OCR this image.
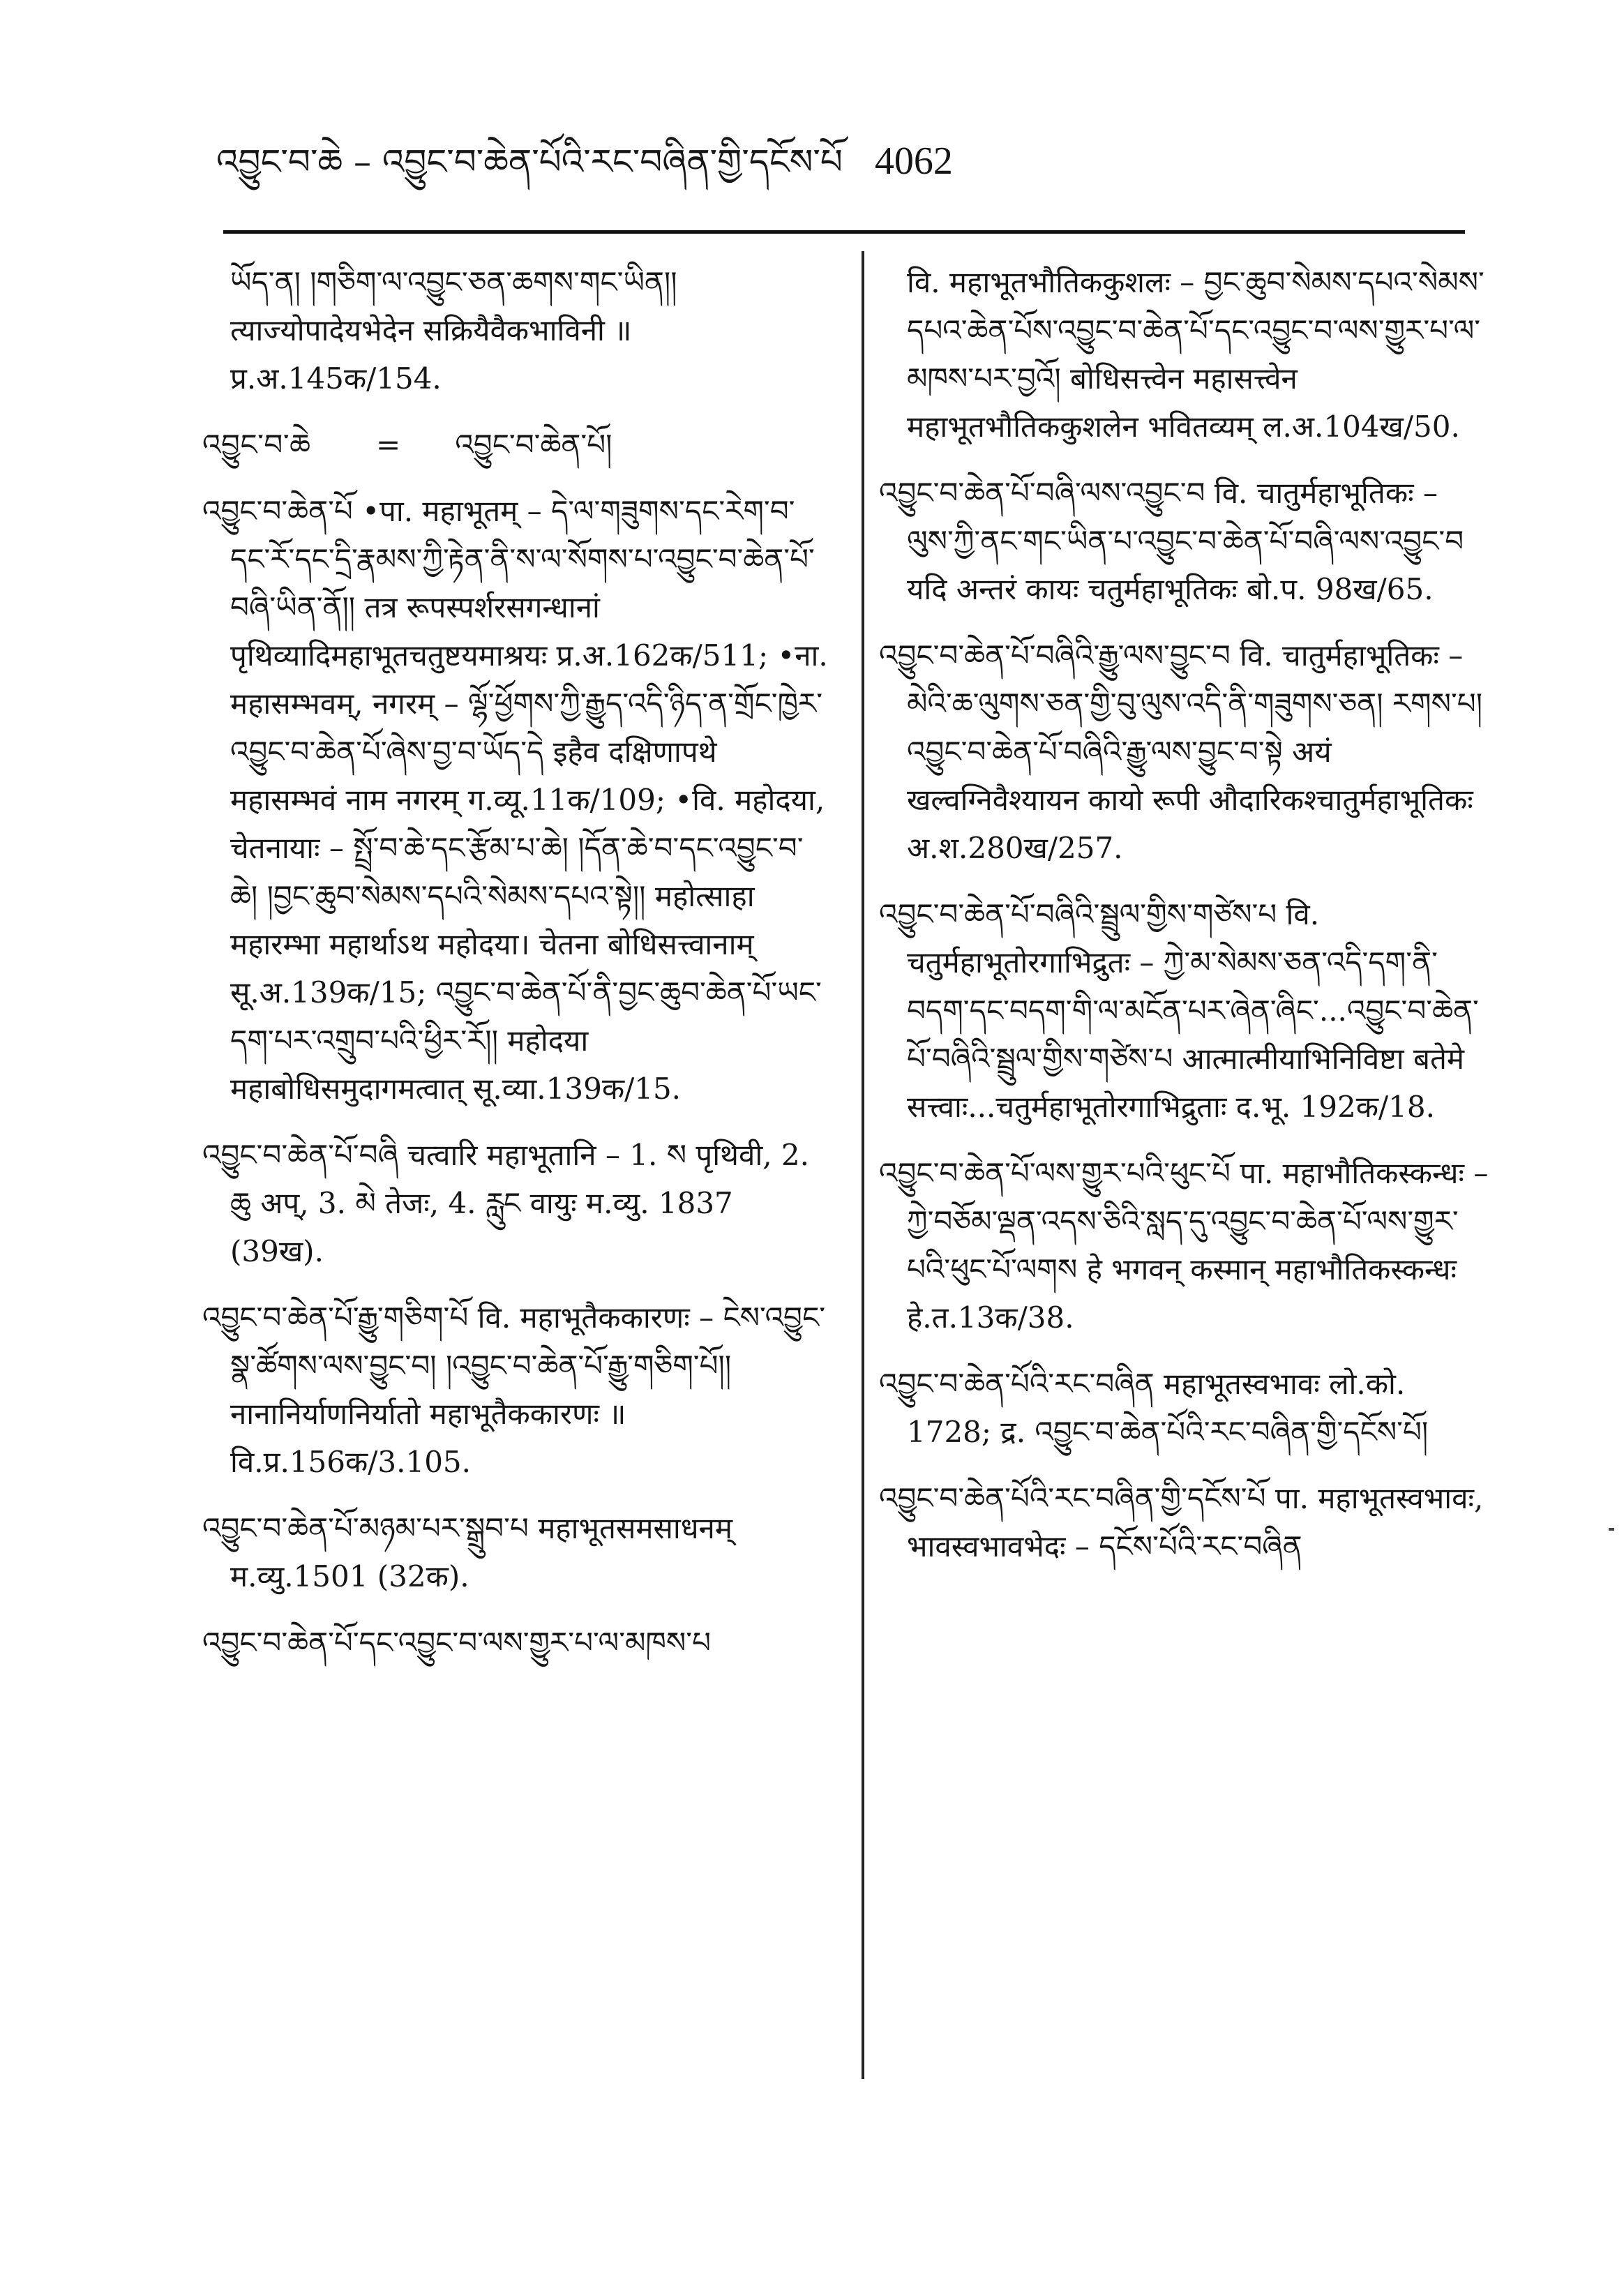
འབྱུང་བ་ཆེ – འབྱུང་བ་ཆེན་པོའི་རང་བཞིན་གྱི་དངོས་པོ 4062

ཡོད་ན། །གཅིག་ལ་འབྱུང་ཅན་ཆགས་གང་ཡིན།། त्याज्योपादेयभेदेन सक्रियैवैकभाविनी ॥ प्र.अ.145क/154.

འབྱུང་བ་ཆེ = འབྱུང་བ་ཆེན་པོ།

འབྱུང་བ་ཆེན་པོ •पा. महाभूतम् – དེ་ལ་གཟུགས་དང་རེག་བ་དང་རོ་དང་དྲི་རྣམས་ཀྱི་རྟེན་ནི་ས་ལ་སོགས་པ་འབྱུང་བ་ཆེན་པོ་བཞི་ཡིན་ནོ།། तत्र रूपस्पर्शरसगन्धानां पृथिव्यादिमहाभूतचतुष्टयमाश्रयः प्र.अ.162क/511; •ना. महासम्भवम्, नगरम् – ལྷོ་ཕྱོགས་ཀྱི་རྒྱུད་འདི་ཉིད་ན་གྲོང་ཁྱེར་འབྱུང་བ་ཆེན་པོ་ཞེས་བྱ་བ་ཡོད་དེ इहैव दक्षिणापथे महासम्भवं नाम नगरम् ग.व्यू.11क/109; •वि. महोदया, चेतनायाः – སྤྲོ་བ་ཆེ་དང་རྩོམ་པ་ཆེ། །དོན་ཆེ་བ་དང་འབྱུང་བ་ཆེ། །བྱང་ཆུབ་སེམས་དཔའི་སེམས་དཔའ་སྟེ།། महोत्साहा महारम्भा महार्थाऽथ महोदया। चेतना बोधिसत्त्वानाम् सू.अ.139क/15; འབྱུང་བ་ཆེན་པོ་ནི་བྱང་ཆུབ་ཆེན་པོ་ཡང་དག་པར་འགྲུབ་པའི་ཕྱིར་རོ།། महोदया महाबोधिसमुदागमत्वात् सू.व्या.139क/15.

འབྱུང་བ་ཆེན་པོ་བཞི चत्वारि महाभूतानि – 1. ས पृथिवी, 2. ཆུ अप्, 3. མེ तेजः, 4. རླུང वायुः म.व्यु. 1837 (39ख).

འབྱུང་བ་ཆེན་པོ་རྒྱུ་གཅིག་པོ वि. महाभूतैककारणः – ངེས་འབྱུང་སྣ་ཚོགས་ལས་བྱུང་བ། །འབྱུང་བ་ཆེན་པོ་རྒྱུ་གཅིག་པོ།། नानानिर्याणनिर्यातो महाभूतैककारणः ॥ वि.प्र.156क/3.105.

འབྱུང་བ་ཆེན་པོ་མཉམ་པར་སྒྲུབ་པ महाभूतसमसाधनम् म.व्यु.1501 (32क).

འབྱུང་བ་ཆེན་པོ་དང་འབྱུང་བ་ལས་གྱུར་པ་ལ་མཁས་པ

वि. महाभूतभौतिककुशलः – བྱང་ཆུབ་སེམས་དཔའ་སེམས་དཔའ་ཆེན་པོས་འབྱུང་བ་ཆེན་པོ་དང་འབྱུང་བ་ལས་གྱུར་པ་ལ་མཁས་པར་བྱའོ། बोधिसत्त्वेन महासत्त्वेन महाभूतभौतिककुशलेन भवितव्यम् ल.अ.104ख/50.

འབྱུང་བ་ཆེན་པོ་བཞི་ལས་འབྱུང་བ वि. चातुर्महाभूतिकः – ལུས་ཀྱི་ནང་གང་ཡིན་པ་འབྱུང་བ་ཆེན་པོ་བཞི་ལས་འབྱུང་བ यदि अन्तरं कायः चतुर्महाभूतिकः बो.प. 98ख/65.

འབྱུང་བ་ཆེན་པོ་བཞིའི་རྒྱུ་ལས་བྱུང་བ वि. चातुर्महाभूतिकः – མེའི་ཆ་ལུགས་ཅན་གྱི་བུ་ལུས་འདི་ནི་གཟུགས་ཅན། རགས་པ། འབྱུང་བ་ཆེན་པོ་བཞིའི་རྒྱུ་ལས་བྱུང་བ་སྟེ अयं खल्वग्निवैश्यायन कायो रूपी औदारिकश्चातुर्महाभूतिकः अ.श.280ख/257.

འབྱུང་བ་ཆེན་པོ་བཞིའི་སྦྲུལ་གྱིས་གཙེས་པ वि. चतुर्महाभूतोरगाभिद्रुतः – ཀྱེ་མ་སེམས་ཅན་འདི་དག་ནི་བདག་དང་བདག་གི་ལ་མངོན་པར་ཞེན་ཞིང་...འབྱུང་བ་ཆེན་པོ་བཞིའི་སྦྲུལ་གྱིས་གཙེས་པ आत्मात्मीयाभिनिविष्टा बतेमे सत्त्वाः...चतुर्महाभूतोरगाभिद्रुताः द.भू. 192क/18.

འབྱུང་བ་ཆེན་པོ་ལས་གྱུར་པའི་ཕུང་པོ पा. महाभौतिकस्कन्धः – ཀྱེ་བཅོམ་ལྡན་འདས་ཅིའི་སླད་དུ་འབྱུང་བ་ཆེན་པོ་ལས་གྱུར་པའི་ཕུང་པོ་ལགས हे भगवन् कस्मान् महाभौतिकस्कन्धः हे.त.13क/38.

འབྱུང་བ་ཆེན་པོའི་རང་བཞིན महाभूतस्वभावः लो.को. 1728; द्र. འབྱུང་བ་ཆེན་པོའི་རང་བཞིན་གྱི་དངོས་པོ།

འབྱུང་བ་ཆེན་པོའི་རང་བཞིན་གྱི་དངོས་པོ पा. महाभूतस्वभावः, भावस्वभावभेदः – དངོས་པོའི་རང་བཞིན
